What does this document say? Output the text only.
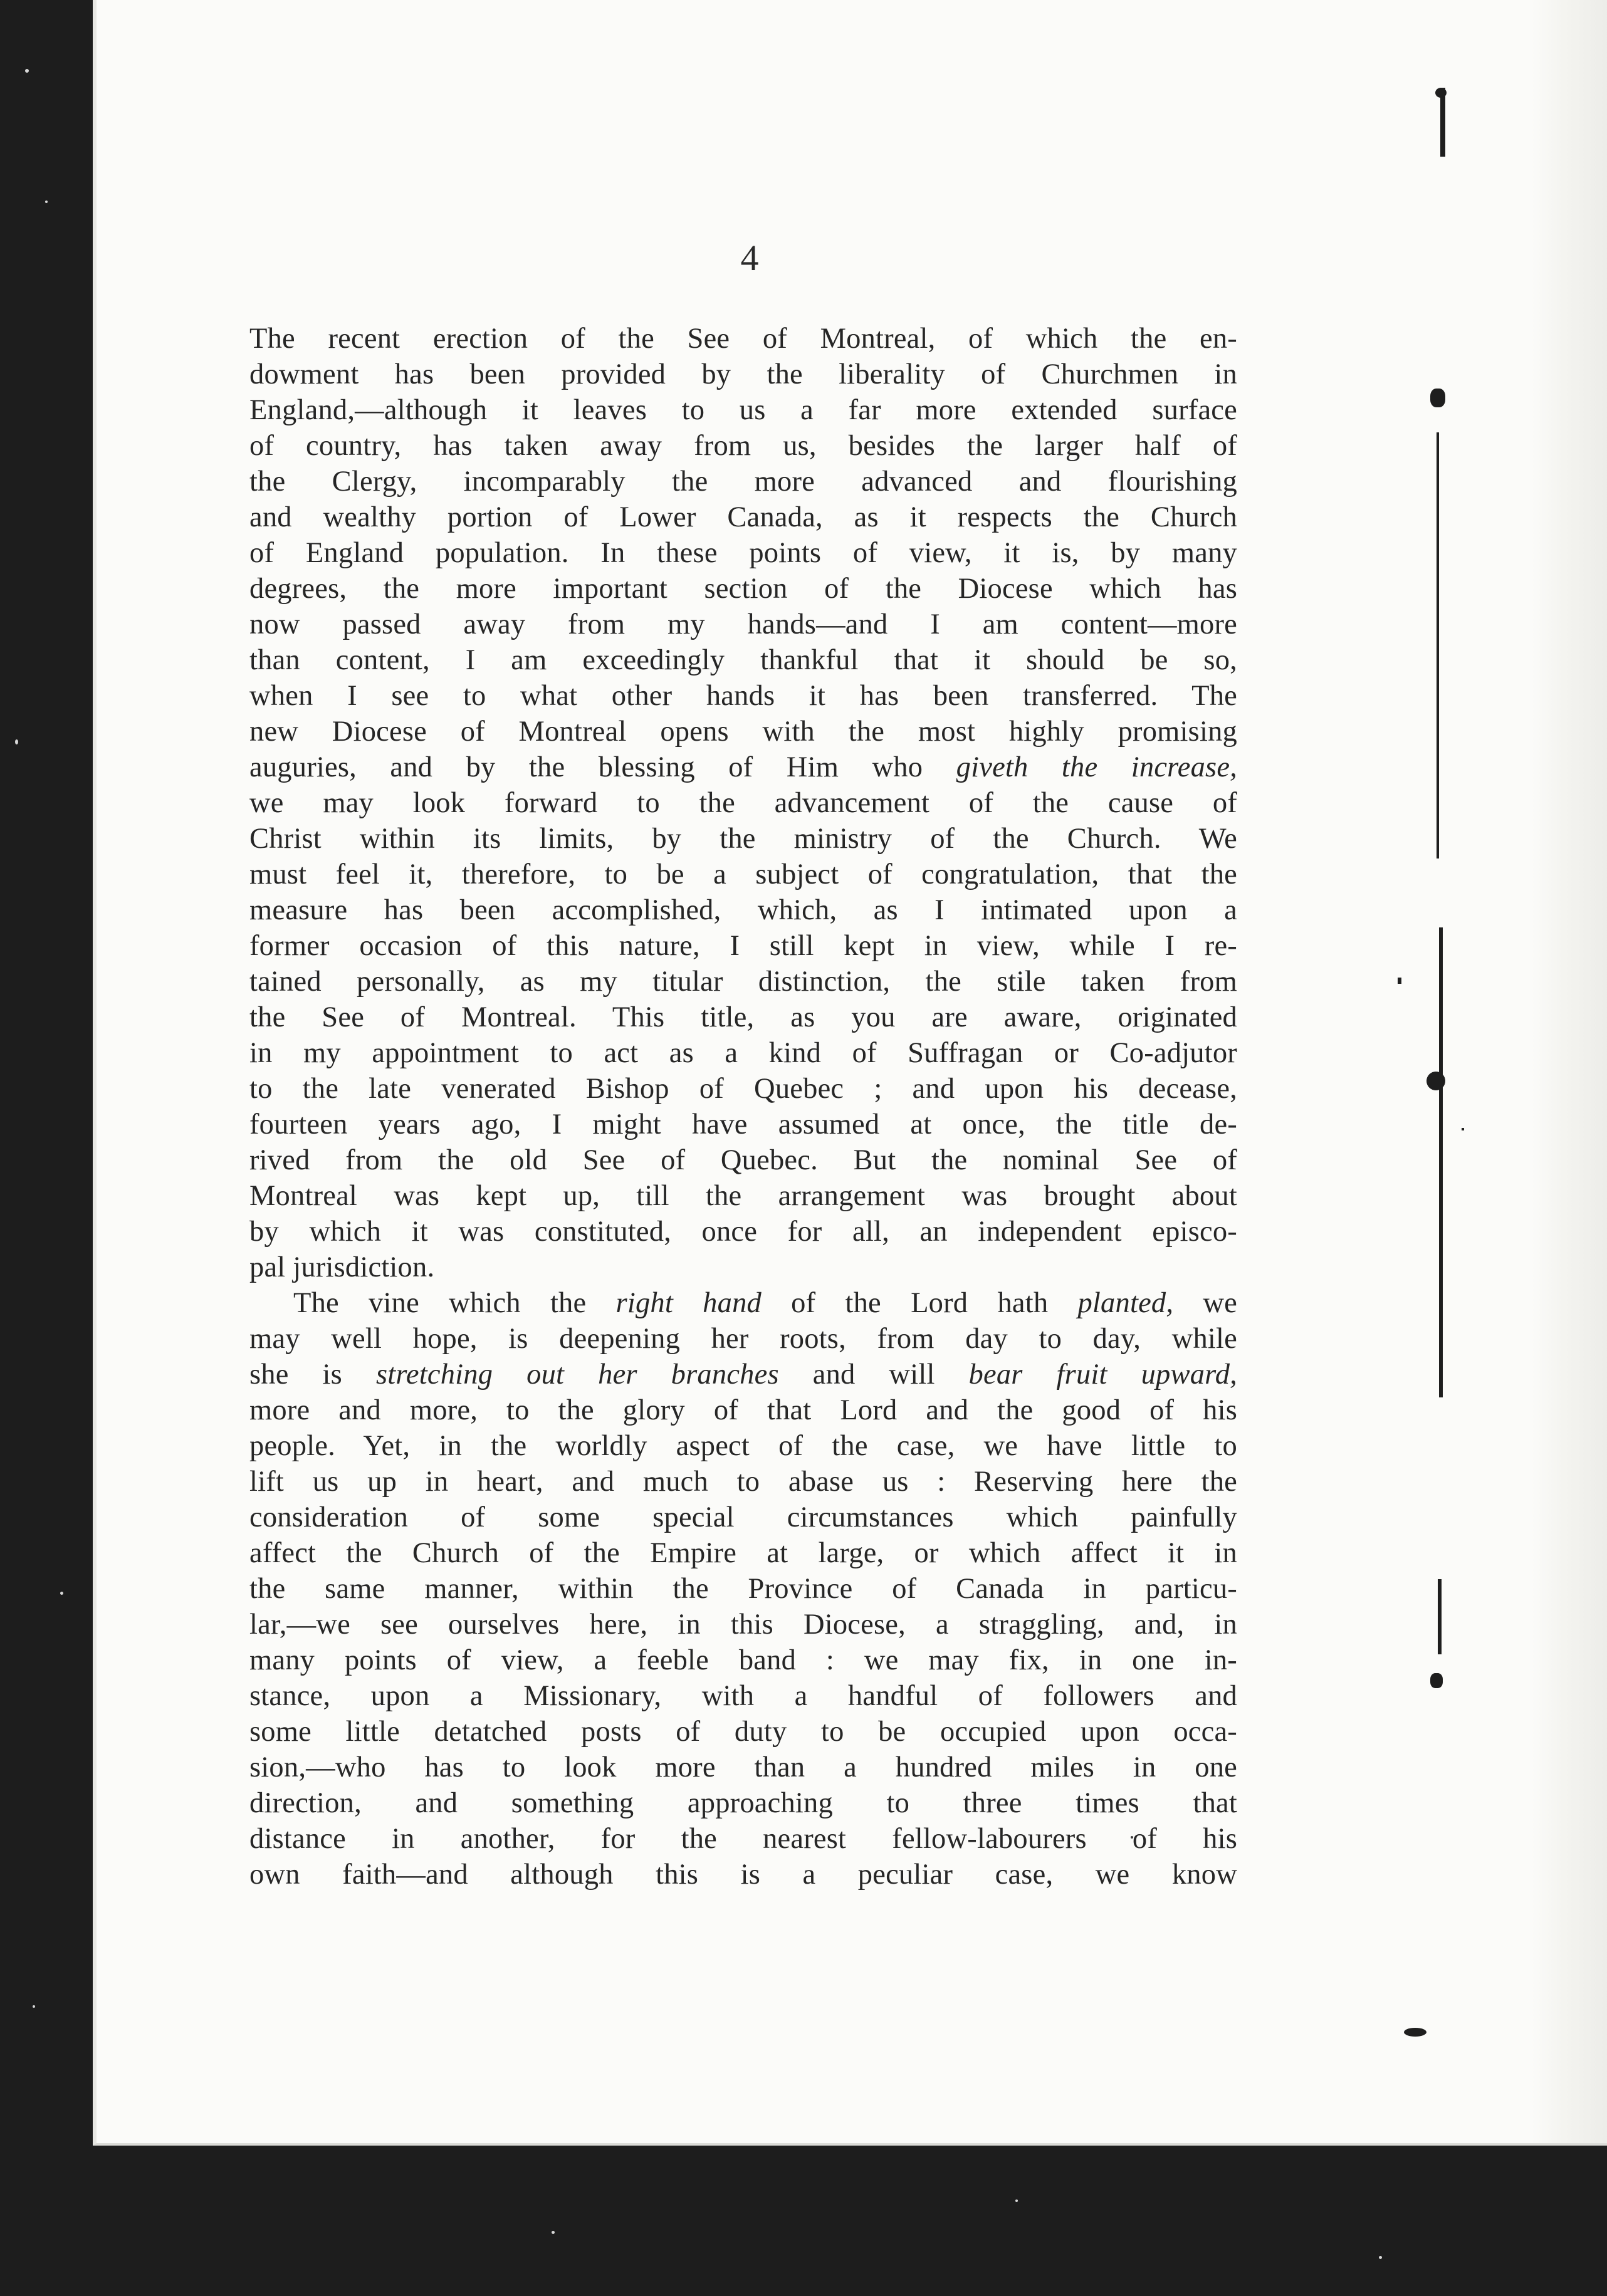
4

The recent erection of the See of Montreal, of which the en-
dowment has been provided by the liberality of Churchmen in
England,—although it leaves to us a far more extended surface
of country, has taken away from us, besides the larger half of
the Clergy, incomparably the more advanced and flourishing
and wealthy portion of Lower Canada, as it respects the Church
of England population. In these points of view, it is, by many
degrees, the more important section of the Diocese which has
now passed away from my hands—and I am content—more
than content, I am exceedingly thankful that it should be so,
when I see to what other hands it has been transferred. The
new Diocese of Montreal opens with the most highly promising
auguries, and by the blessing of Him who giveth the increase,
we may look forward to the advancement of the cause of
Christ within its limits, by the ministry of the Church. We
must feel it, therefore, to be a subject of congratulation, that the
measure has been accomplished, which, as I intimated upon a
former occasion of this nature, I still kept in view, while I re-
tained personally, as my titular distinction, the stile taken from
the See of Montreal. This title, as you are aware, originated
in my appointment to act as a kind of Suffragan or Co-adjutor
to the late venerated Bishop of Quebec ; and upon his decease,
fourteen years ago, I might have assumed at once, the title de-
rived from the old See of Quebec. But the nominal See of
Montreal was kept up, till the arrangement was brought about
by which it was constituted, once for all, an independent episco-
pal jurisdiction.
The vine which the right hand of the Lord hath planted, we
may well hope, is deepening her roots, from day to day, while
she is stretching out her branches and will bear fruit upward,
more and more, to the glory of that Lord and the good of his
people. Yet, in the worldly aspect of the case, we have little to
lift us up in heart, and much to abase us : Reserving here the
consideration of some special circumstances which painfully
affect the Church of the Empire at large, or which affect it in
the same manner, within the Province of Canada in particu-
lar,—we see ourselves here, in this Diocese, a straggling, and, in
many points of view, a feeble band : we may fix, in one in-
stance, upon a Missionary, with a handful of followers and
some little detatched posts of duty to be occupied upon occa-
sion,—who has to look more than a hundred miles in one
direction, and something approaching to three times that
distance in another, for the nearest fellow-labourers of his
own faith—and although this is a peculiar case, we know
